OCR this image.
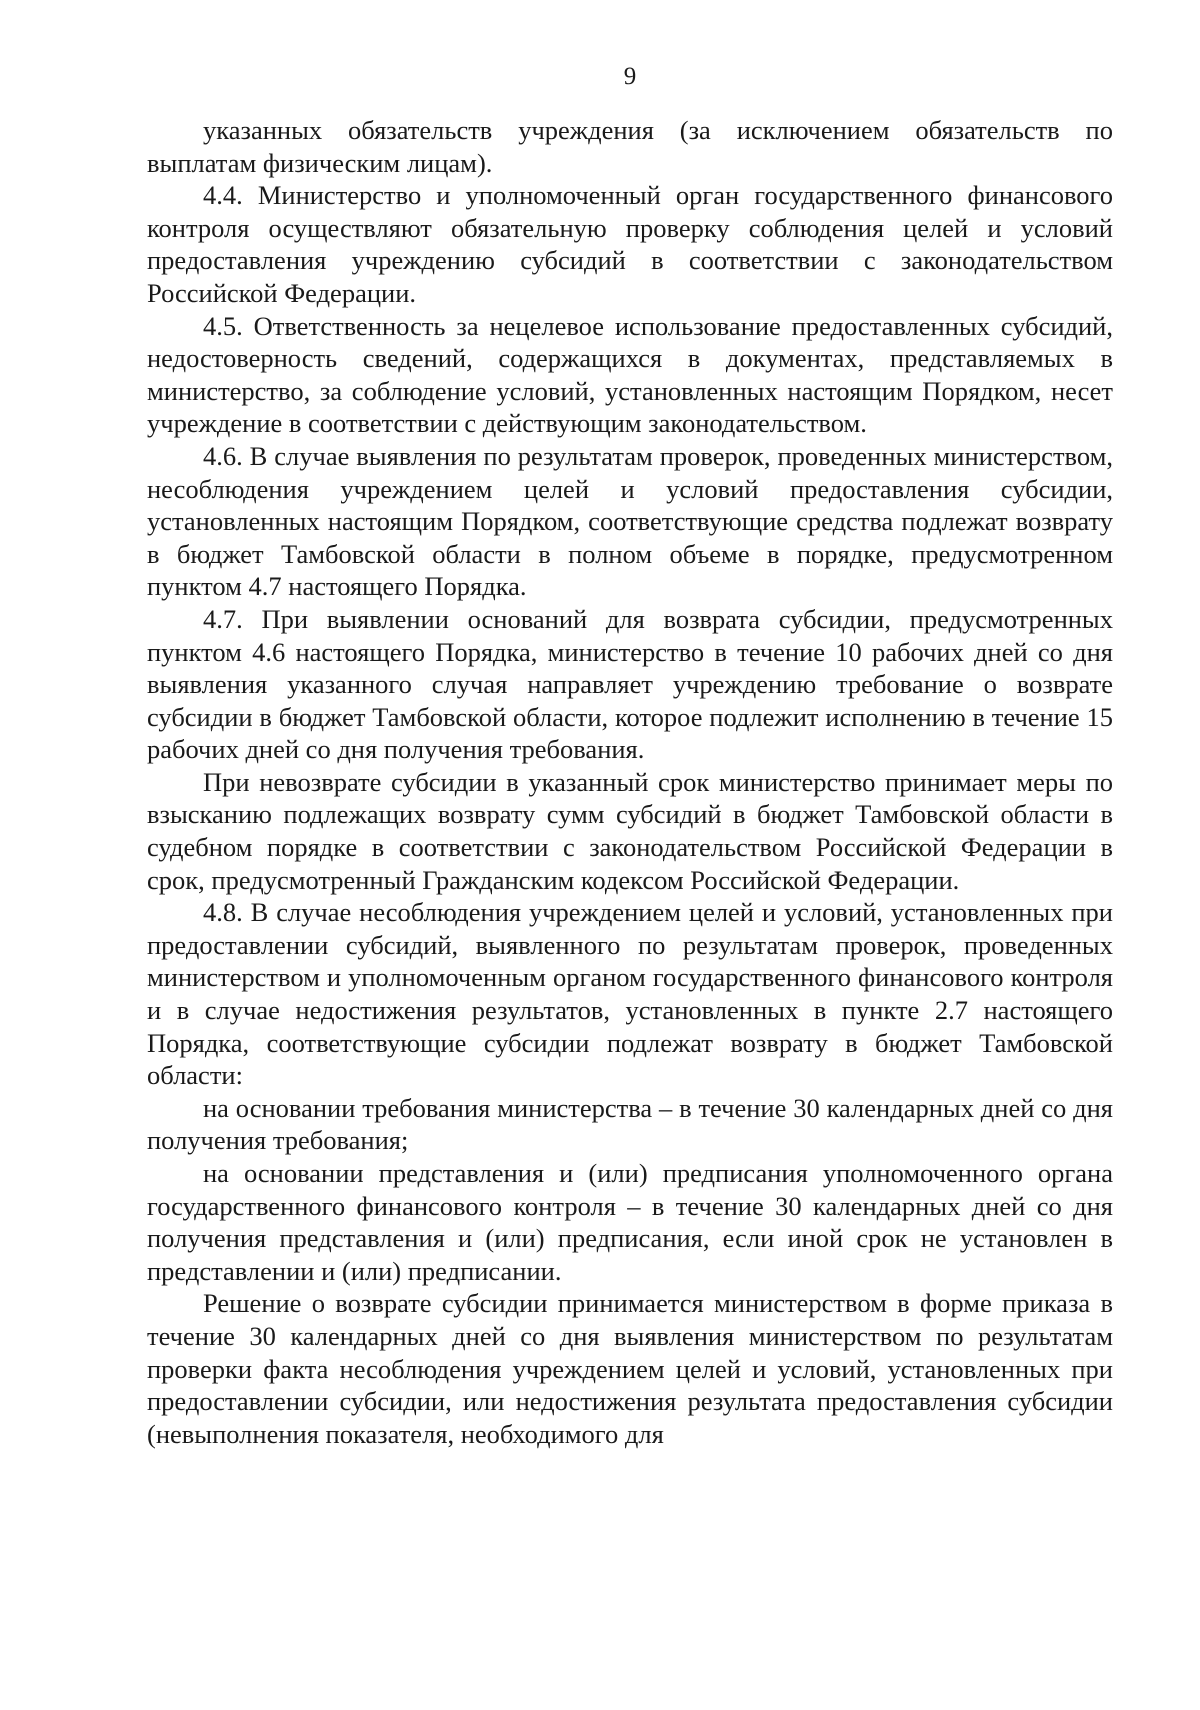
9

указанных обязательств учреждения (за исключением обязательств по выплатам физическим лицам).

4.4. Министерство и уполномоченный орган государственного финансового контроля осуществляют обязательную проверку соблюдения целей и условий предоставления учреждению субсидий в соответствии с законодательством Российской Федерации.

4.5. Ответственность за нецелевое использование предоставленных субсидий, недостоверность сведений, содержащихся в документах, представляемых в министерство, за соблюдение условий, установленных настоящим Порядком, несет учреждение в соответствии с действующим законодательством.

4.6. В случае выявления по результатам проверок, проведенных министерством, несоблюдения учреждением целей и условий предоставления субсидии, установленных настоящим Порядком, соответствующие средства подлежат возврату в бюджет Тамбовской области в полном объеме в порядке, предусмотренном пунктом 4.7 настоящего Порядка.

4.7. При выявлении оснований для возврата субсидии, предусмотренных пунктом 4.6 настоящего Порядка, министерство в течение 10 рабочих дней со дня выявления указанного случая направляет учреждению требование о возврате субсидии в бюджет Тамбовской области, которое подлежит исполнению в течение 15 рабочих дней со дня получения требования.

При невозврате субсидии в указанный срок министерство принимает меры по взысканию подлежащих возврату сумм субсидий в бюджет Тамбовской области в судебном порядке в соответствии с законодательством Российской Федерации в срок, предусмотренный Гражданским кодексом Российской Федерации.

4.8. В случае несоблюдения учреждением целей и условий, установленных при предоставлении субсидий, выявленного по результатам проверок, проведенных министерством и уполномоченным органом государственного финансового контроля и в случае недостижения результатов, установленных в пункте 2.7 настоящего Порядка, соответствующие субсидии подлежат возврату в бюджет Тамбовской области:

на основании требования министерства – в течение 30 календарных дней со дня получения требования;

на основании представления и (или) предписания уполномоченного органа государственного финансового контроля – в течение 30 календарных дней со дня получения представления и (или) предписания, если иной срок не установлен в представлении и (или) предписании.

Решение о возврате субсидии принимается министерством в форме приказа в течение 30 календарных дней со дня выявления министерством по результатам проверки факта несоблюдения учреждением целей и условий, установленных при предоставлении субсидии, или недостижения результата предоставления субсидии (невыполнения показателя, необходимого для
